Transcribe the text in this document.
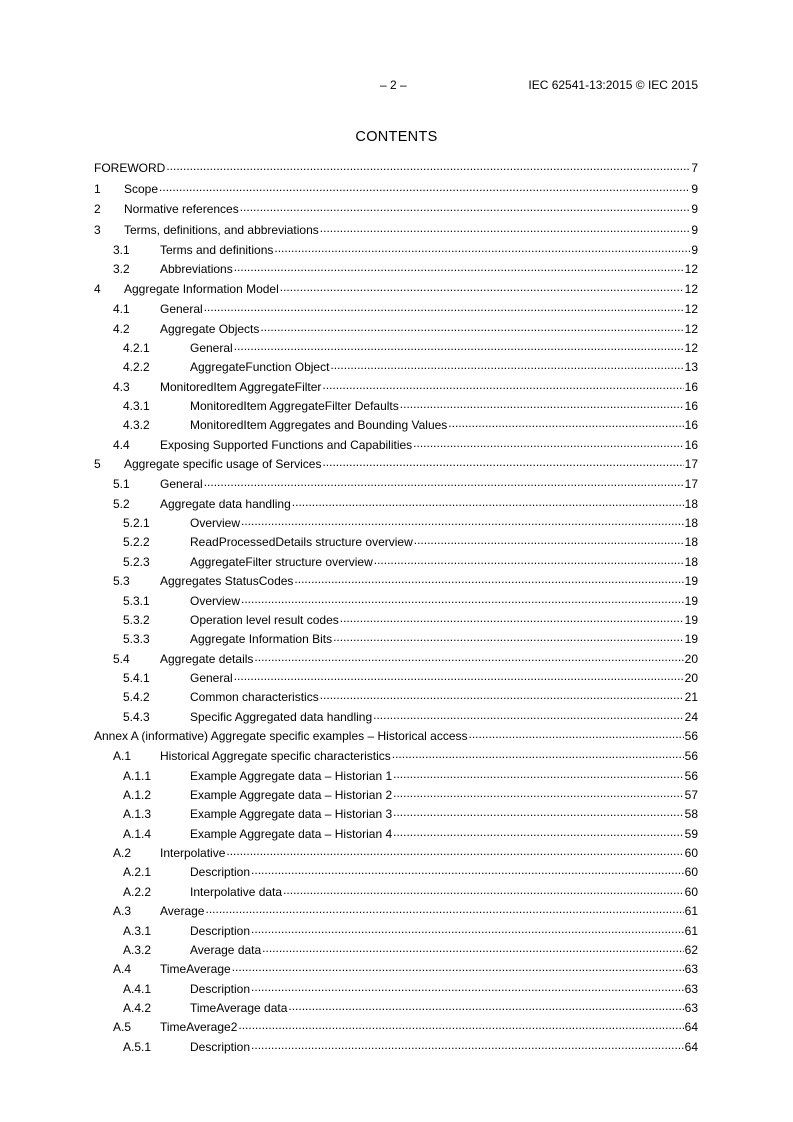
– 2 –	IEC 62541-13:2015 © IEC 2015
CONTENTS
FOREWORD .....	7
1	Scope .....	9
2	Normative references .....	9
3	Terms, definitions, and abbreviations .....	9
3.1	Terms and definitions .....	9
3.2	Abbreviations .....	12
4	Aggregate Information Model .....	12
4.1	General .....	12
4.2	Aggregate Objects .....	12
4.2.1	General .....	12
4.2.2	AggregateFunction Object .....	13
4.3	MonitoredItem AggregateFilter .....	16
4.3.1	MonitoredItem AggregateFilter Defaults .....	16
4.3.2	MonitoredItem Aggregates and Bounding Values .....	16
4.4	Exposing Supported Functions and Capabilities .....	16
5	Aggregate specific usage of Services .....	17
5.1	General .....	17
5.2	Aggregate data handling .....	18
5.2.1	Overview .....	18
5.2.2	ReadProcessedDetails structure overview .....	18
5.2.3	AggregateFilter structure overview .....	18
5.3	Aggregates StatusCodes .....	19
5.3.1	Overview .....	19
5.3.2	Operation level result codes .....	19
5.3.3	Aggregate Information Bits .....	19
5.4	Aggregate details .....	20
5.4.1	General .....	20
5.4.2	Common characteristics .....	21
5.4.3	Specific Aggregated data handling .....	24
Annex A (informative) Aggregate specific examples – Historical access .....	56
A.1	Historical Aggregate specific characteristics .....	56
A.1.1	Example Aggregate data – Historian 1 .....	56
A.1.2	Example Aggregate data – Historian 2 .....	57
A.1.3	Example Aggregate data – Historian 3 .....	58
A.1.4	Example Aggregate data – Historian 4 .....	59
A.2	Interpolative .....	60
A.2.1	Description .....	60
A.2.2	Interpolative data .....	60
A.3	Average .....	61
A.3.1	Description .....	61
A.3.2	Average data .....	62
A.4	TimeAverage .....	63
A.4.1	Description .....	63
A.4.2	TimeAverage data .....	63
A.5	TimeAverage2 .....	64
A.5.1	Description .....	64
